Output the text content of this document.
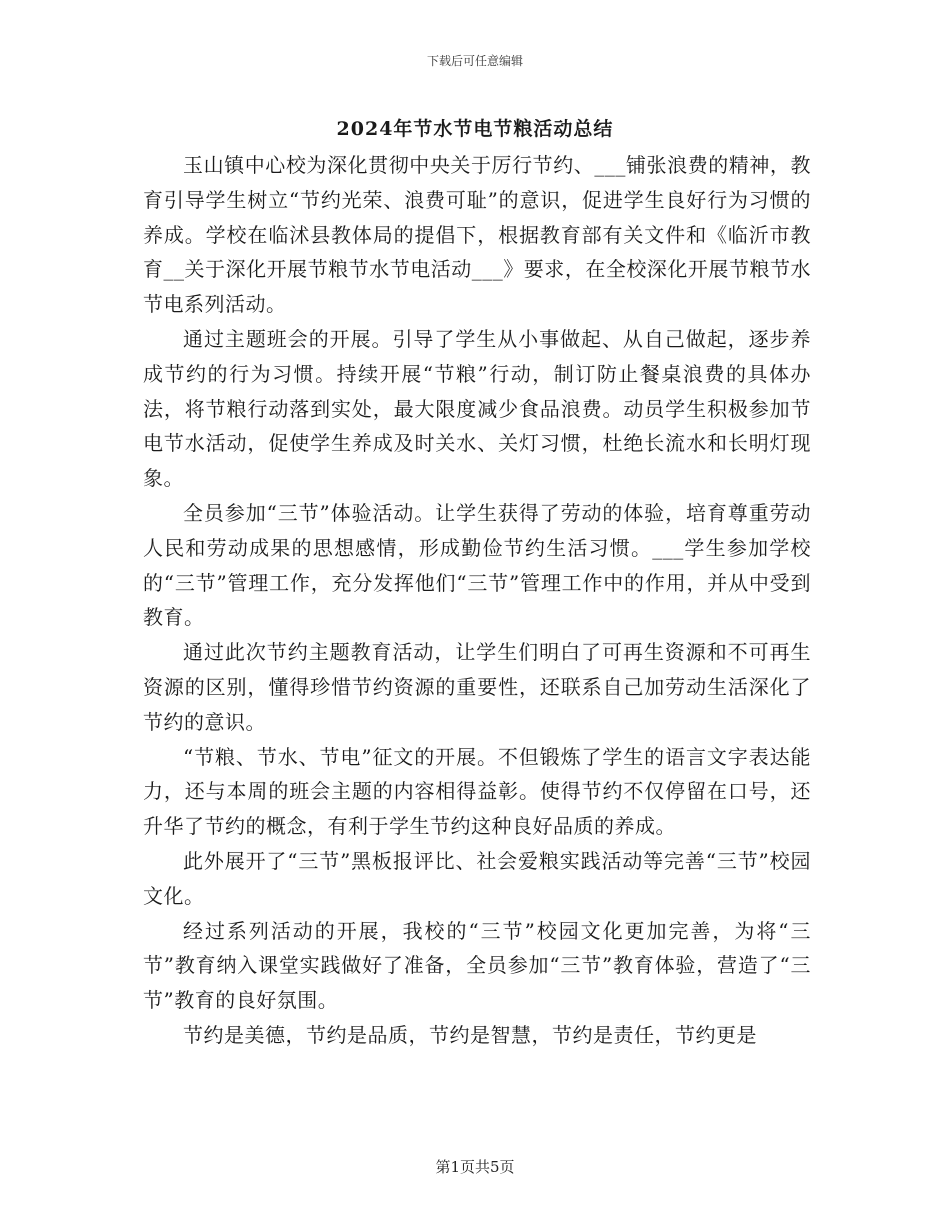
下载后可任意编辑
2024年节水节电节粮活动总结

玉山镇中心校为深化贯彻中央关于厉行节约、___铺张浪费的精神，教育引导学生树立“节约光荣、浪费可耻”的意识，促进学生良好行为习惯的养成。学校在临沭县教体局的提倡下，根据教育部有关文件和《临沂市教育__关于深化开展节粮节水节电活动___》要求，在全校深化开展节粮节水节电系列活动。

通过主题班会的开展。引导了学生从小事做起、从自己做起，逐步养成节约的行为习惯。持续开展“节粮”行动，制订防止餐桌浪费的具体办法，将节粮行动落到实处，最大限度减少食品浪费。动员学生积极参加节电节水活动，促使学生养成及时关水、关灯习惯，杜绝长流水和长明灯现象。

全员参加“三节”体验活动。让学生获得了劳动的体验，培育尊重劳动人民和劳动成果的思想感情，形成勤俭节约生活习惯。___学生参加学校的“三节”管理工作，充分发挥他们“三节”管理工作中的作用，并从中受到教育。

通过此次节约主题教育活动，让学生们明白了可再生资源和不可再生资源的区别，懂得珍惜节约资源的重要性，还联系自己加劳动生活深化了节约的意识。

“节粮、节水、节电”征文的开展。不但锻炼了学生的语言文字表达能力，还与本周的班会主题的内容相得益彰。使得节约不仅停留在口号，还升华了节约的概念，有利于学生节约这种良好品质的养成。

此外展开了“三节”黑板报评比、社会爱粮实践活动等完善“三节”校园文化。

经过系列活动的开展，我校的“三节”校园文化更加完善，为将“三节”教育纳入课堂实践做好了准备，全员参加“三节”教育体验，营造了“三节”教育的良好氛围。

节约是美德，节约是品质，节约是智慧，节约是责任，节约更是

第1页共5页
